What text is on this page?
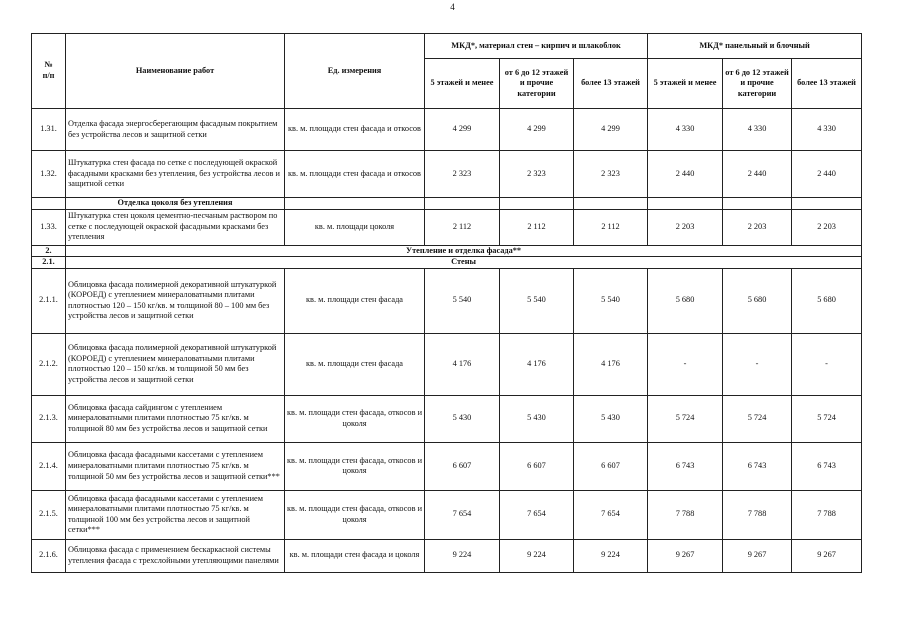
4
№
п/п	Наименование работ	Ед. измерения	МКД*, материал стен – кирпич и шлакоблок			МКД* панельный и блочный		
			5 этажей и менее	от 6 до 12 этажей и прочие категории	более 13 этажей	5 этажей и менее	от 6 до 12 этажей и прочие категории	более 13 этажей
1.31.	Отделка фасада энергосберегающим фасадным покрытием без устройства лесов и защитной сетки	кв. м. площади стен фасада и откосов	4 299	4 299	4 299	4 330	4 330	4 330
1.32.	Штукатурка стен фасада по сетке с последующей окраской фасадными красками без утепления, без устройства лесов и защитной сетки	кв. м. площади стен фасада и откосов	2 323	2 323	2 323	2 440	2 440	2 440
	Отделка цоколя без утепления							
1.33.	Штукатурка стен цоколя цементно-песчаным раствором по сетке с последующей окраской фасадными красками без утепления	кв. м. площади цоколя	2 112	2 112	2 112	2 203	2 203	2 203
2.	Утепление и отделка фасада**							
2.1.	Стены							
2.1.1.	Облицовка фасада полимерной декоративной штукатуркой (КОРОЕД) с утеплением минераловатными плитами плотностью 120 – 150 кг/кв. м толщиной 80 – 100 мм без устройства лесов и защитной сетки	кв. м. площади стен фасада	5 540	5 540	5 540	5 680	5 680	5 680
2.1.2.	Облицовка фасада полимерной декоративной штукатуркой (КОРОЕД) с утеплением минераловатными плитами плотностью 120 – 150 кг/кв. м толщиной 50 мм без устройства лесов и защитной сетки	кв. м. площади стен фасада	4 176	4 176	4 176	-	-	-
2.1.3.	Облицовка фасада сайдингом с утеплением минераловатными плитами плотностью 75 кг/кв. м толщиной 80 мм без устройства лесов и защитной сетки	кв. м. площади стен фасада, откосов и цоколя	5 430	5 430	5 430	5 724	5 724	5 724
2.1.4.	Облицовка фасада фасадными кассетами с утеплением минераловатными плитами плотностью 75 кг/кв. м толщиной 50 мм без устройства лесов и защитной сетки***	кв. м. площади стен фасада, откосов и цоколя	6 607	6 607	6 607	6 743	6 743	6 743
2.1.5.	Облицовка фасада фасадными кассетами с утеплением минераловатными плитами плотностью 75 кг/кв. м толщиной 100 мм без устройства лесов и защитной сетки***	кв. м. площади стен фасада, откосов и цоколя	7 654	7 654	7 654	7 788	7 788	7 788
2.1.6.	Облицовка фасада с применением бескаркасной системы утепления фасада с трехслойными утепляющими панелями	кв. м. площади стен фасада и цоколя	9 224	9 224	9 224	9 267	9 267	9 267
